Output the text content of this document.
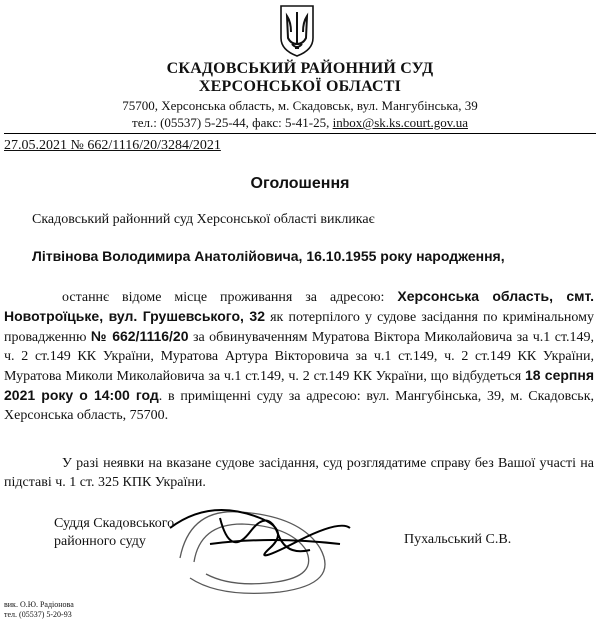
СКАДОВСЬКИЙ РАЙОННИЙ СУД
ХЕРСОНСЬКОЇ ОБЛАСТІ
75700, Херсонська область, м. Скадовськ, вул. Мангубінська, 39
тел.: (05537) 5-25-44, факс: 5-41-25, inbox@sk.ks.court.gov.ua
27.05.2021 № 662/1116/20/3284/2021
Оголошення
Скадовський районний суд Херсонської області викликає
Літвінова Володимира Анатолійовича, 16.10.1955 року народження,
останнє відоме місце проживання за адресою: Херсонська область, смт. Новотроїцьке, вул. Грушевського, 32 як потерпілого у судове засідання по кримінальному провадженню № 662/1116/20 за обвинуваченням Муратова Віктора Миколайовича за ч.1 ст.149, ч. 2 ст.149 КК України, Муратова Артура Вікторовича за ч.1 ст.149, ч. 2 ст.149 КК України, Муратова Миколи Миколайовича за ч.1 ст.149, ч. 2 ст.149 КК України, що відбудеться 18 серпня 2021 року о 14:00 год. в приміщенні суду за адресою: вул. Мангубінська, 39, м. Скадовськ, Херсонська область, 75700.
У разі неявки на вказане судове засідання, суд розглядатиме справу без Вашої участі на підставі ч. 1 ст. 325 КПК України.
Суддя Скадовського
районного суду	Пухальський С.В.
вик. О.Ю. Радіонова
тел. (05537) 5-20-93
